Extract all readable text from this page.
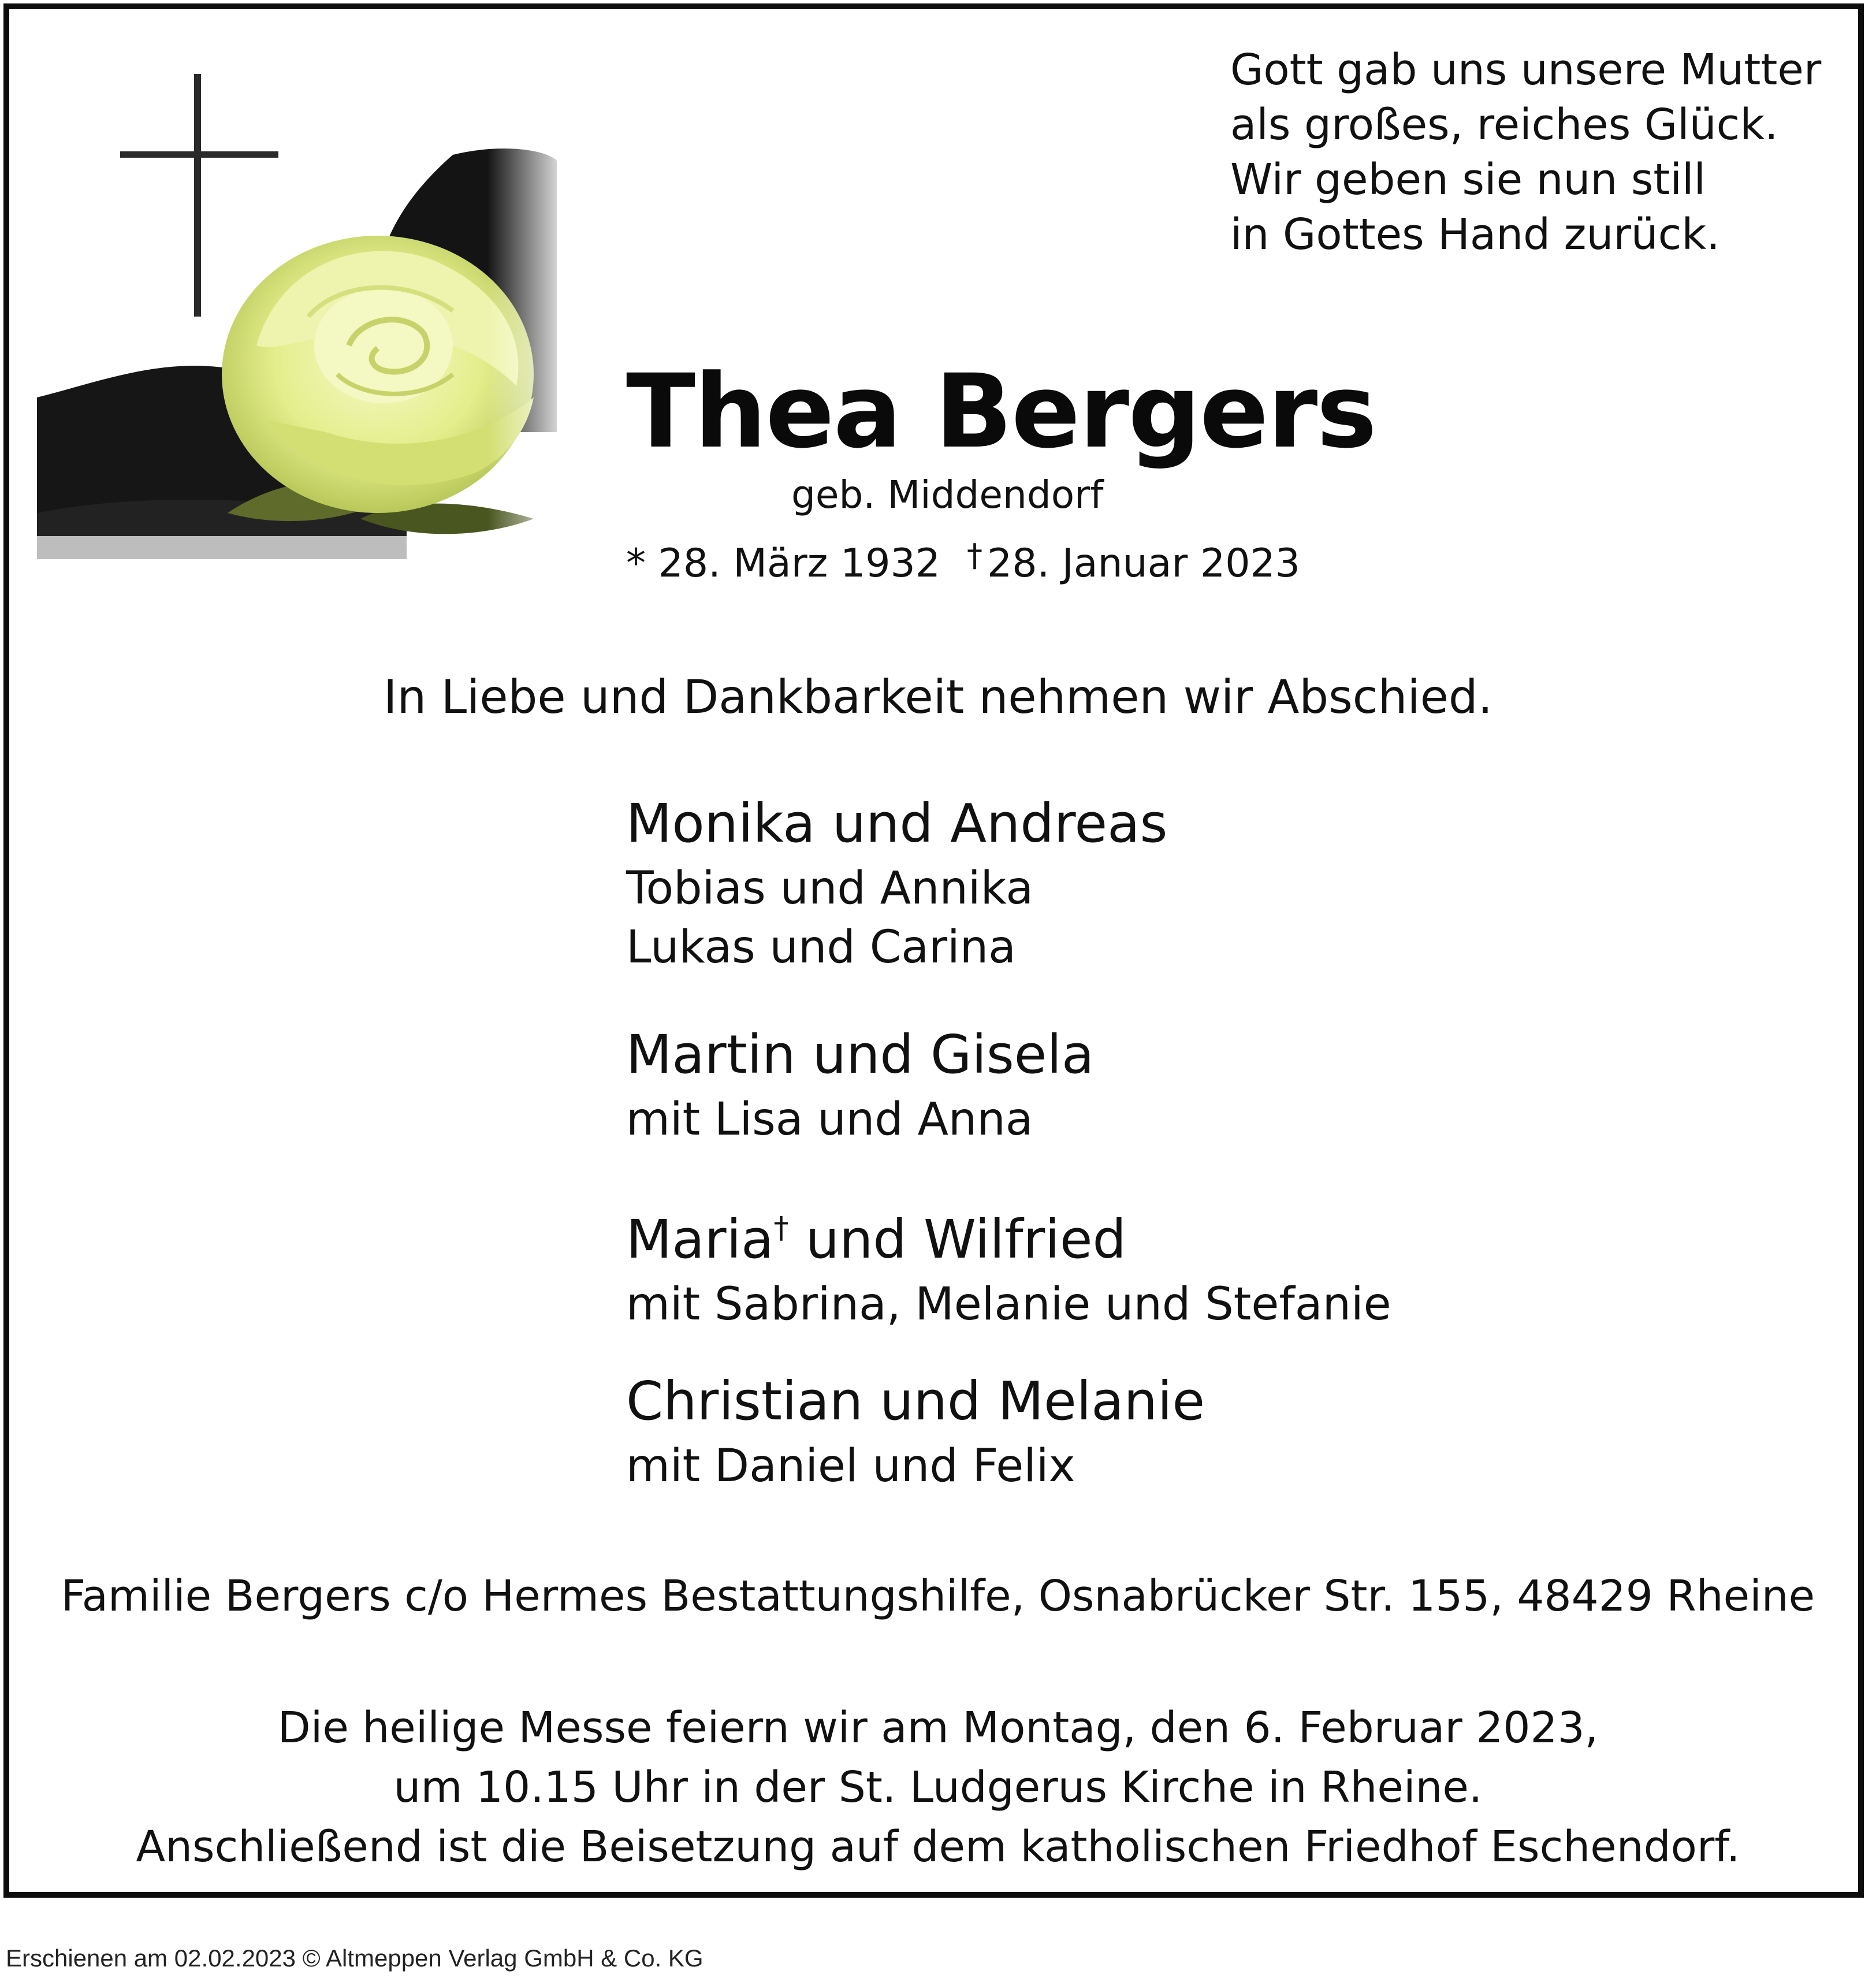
Gott gab uns unsere Mutter
als großes, reiches Glück.
Wir geben sie nun still
in Gottes Hand zurück.
Thea Bergers
geb. Middendorf
* 28. März 1932 † 28. Januar 2023
In Liebe und Dankbarkeit nehmen wir Abschied.
Monika und Andreas
Tobias und Annika
Lukas und Carina
Martin und Gisela
mit Lisa und Anna
Maria† und Wilfried
mit Sabrina, Melanie und Stefanie
Christian und Melanie
mit Daniel und Felix
Familie Bergers c/o Hermes Bestattungshilfe, Osnabrücker Str. 155, 48429 Rheine
Die heilige Messe feiern wir am Montag, den 6. Februar 2023,
um 10.15 Uhr in der St. Ludgerus Kirche in Rheine.
Anschließend ist die Beisetzung auf dem katholischen Friedhof Eschendorf.
Erschienen am 02.02.2023 © Altmeppen Verlag GmbH & Co. KG
